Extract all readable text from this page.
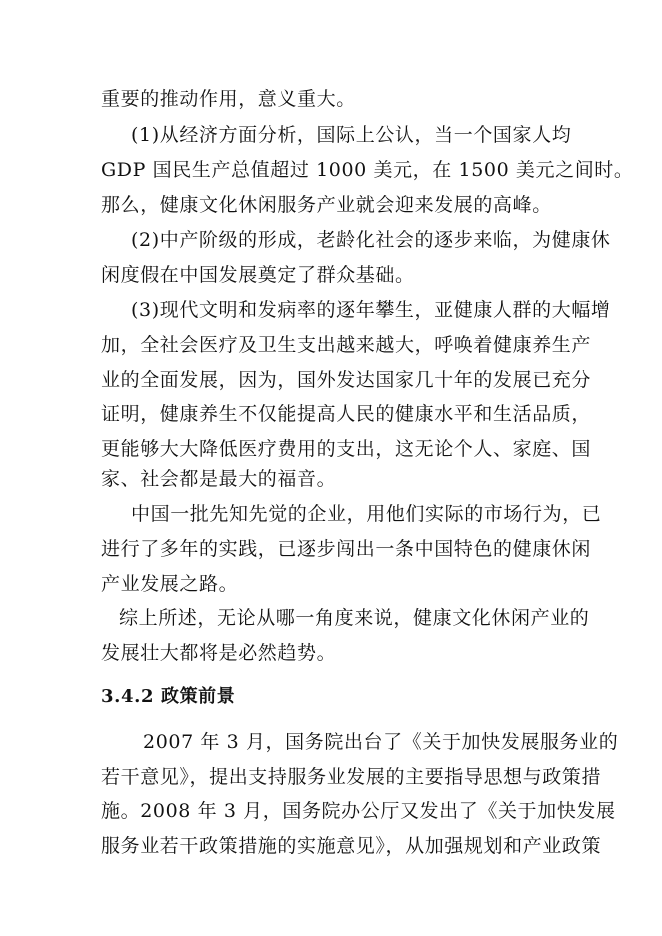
重要的推动作用，意义重大。
(1)从经济方面分析，国际上公认，当一个国家人均
GDP 国民生产总值超过 1000 美元，在 1500 美元之间时。
那么，健康文化休闲服务产业就会迎来发展的高峰。
(2)中产阶级的形成，老龄化社会的逐步来临，为健康休
闲度假在中国发展奠定了群众基础。
(3)现代文明和发病率的逐年攀生，亚健康人群的大幅增
加，全社会医疗及卫生支出越来越大，呼唤着健康养生产
业的全面发展，因为，国外发达国家几十年的发展已充分
证明，健康养生不仅能提高人民的健康水平和生活品质，
更能够大大降低医疗费用的支出，这无论个人、家庭、国
家、社会都是最大的福音。
中国一批先知先觉的企业，用他们实际的市场行为，已
进行了多年的实践，已逐步闯出一条中国特色的健康休闲
产业发展之路。
综上所述，无论从哪一角度来说，健康文化休闲产业的
发展壮大都将是必然趋势。
3.4.2 政策前景
2007 年 3 月，国务院出台了《关于加快发展服务业的
若干意见》，提出支持服务业发展的主要指导思想与政策措
施。2008 年 3 月，国务院办公厅又发出了《关于加快发展
服务业若干政策措施的实施意见》，从加强规划和产业政策
